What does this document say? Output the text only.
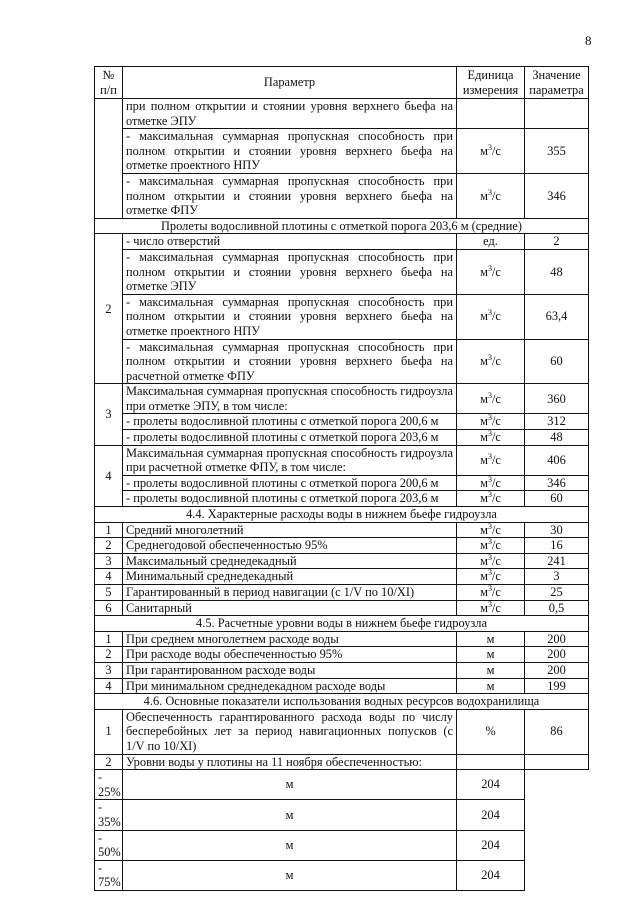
8
№ п/п	Параметр	Единица измерения	Значение параметра
	при полном открытии и стоянии уровня верхнего бьефа на отметке ЭПУ		
	- максимальная суммарная пропускная способность при полном открытии и стоянии уровня верхнего бьефа на отметке проектного НПУ	$м^3/с$	355
	- максимальная суммарная пропускная способность при полном открытии и стоянии уровня верхнего бьефа на отметке ФПУ	$м^3/с$	346
Пролеты водосливной плотины с отметкой порога 203,6 м (средние)			
2	- число отверстий	ед.	2
	- максимальная суммарная пропускная способность при полном открытии и стоянии уровня верхнего бьефа на отметке ЭПУ	$м^3/с$	48
	- максимальная суммарная пропускная способность при полном открытии и стоянии уровня верхнего бьефа на отметке проектного НПУ	$м^3/с$	63,4
	- максимальная суммарная пропускная способность при полном открытии и стоянии уровня верхнего бьефа на расчетной отметке ФПУ	$м^3/с$	60
3	Максимальная суммарная пропускная способность гидроузла при отметке ЭПУ, в том числе:	$м^3/с$	360
	- пролеты водосливной плотины с отметкой порога 200,6 м	$м^3/с$	312
	- пролеты водосливной плотины с отметкой порога 203,6 м	$м^3/с$	48
4	Максимальная суммарная пропускная способность гидроузла при расчетной отметке ФПУ, в том числе:	$м^3/с$	406
	- пролеты водосливной плотины с отметкой порога 200,6 м	$м^3/с$	346
	- пролеты водосливной плотины с отметкой порога 203,6 м	$м^3/с$	60
4.4. Характерные расходы воды в нижнем бьефе гидроузла			
1	Средний многолетний	$м^3/с$	30
2	Среднегодовой обеспеченностью 95%	$м^3/с$	16
3	Максимальный среднедекадный	$м^3/с$	241
4	Минимальный среднедекадный	$м^3/с$	3
5	Гарантированный в период навигации (с 1/V по 10/XI)	$м^3/с$	25
6	Санитарный	$м^3/с$	0,5
4.5. Расчетные уровни воды в нижнем бьефе гидроузла			
1	При среднем многолетнем расходе воды	м	200
2	При расходе воды обеспеченностью 95%	м	200
3	При гарантированном расходе воды	м	200
4	При минимальном среднедекадном расходе воды	м	199
4.6. Основные показатели использования водных ресурсов водохранилища			
1	Обеспеченность гарантированного расхода воды по числу бесперебойных лет за период навигационных попусков (с 1/V по 10/XI)	%	86
2	Уровни воды у плотины на 11 ноября обеспеченностью:		
- 25%	м	204	
- 35%	м	204	
- 50%	м	204	
- 75%	м	204	
